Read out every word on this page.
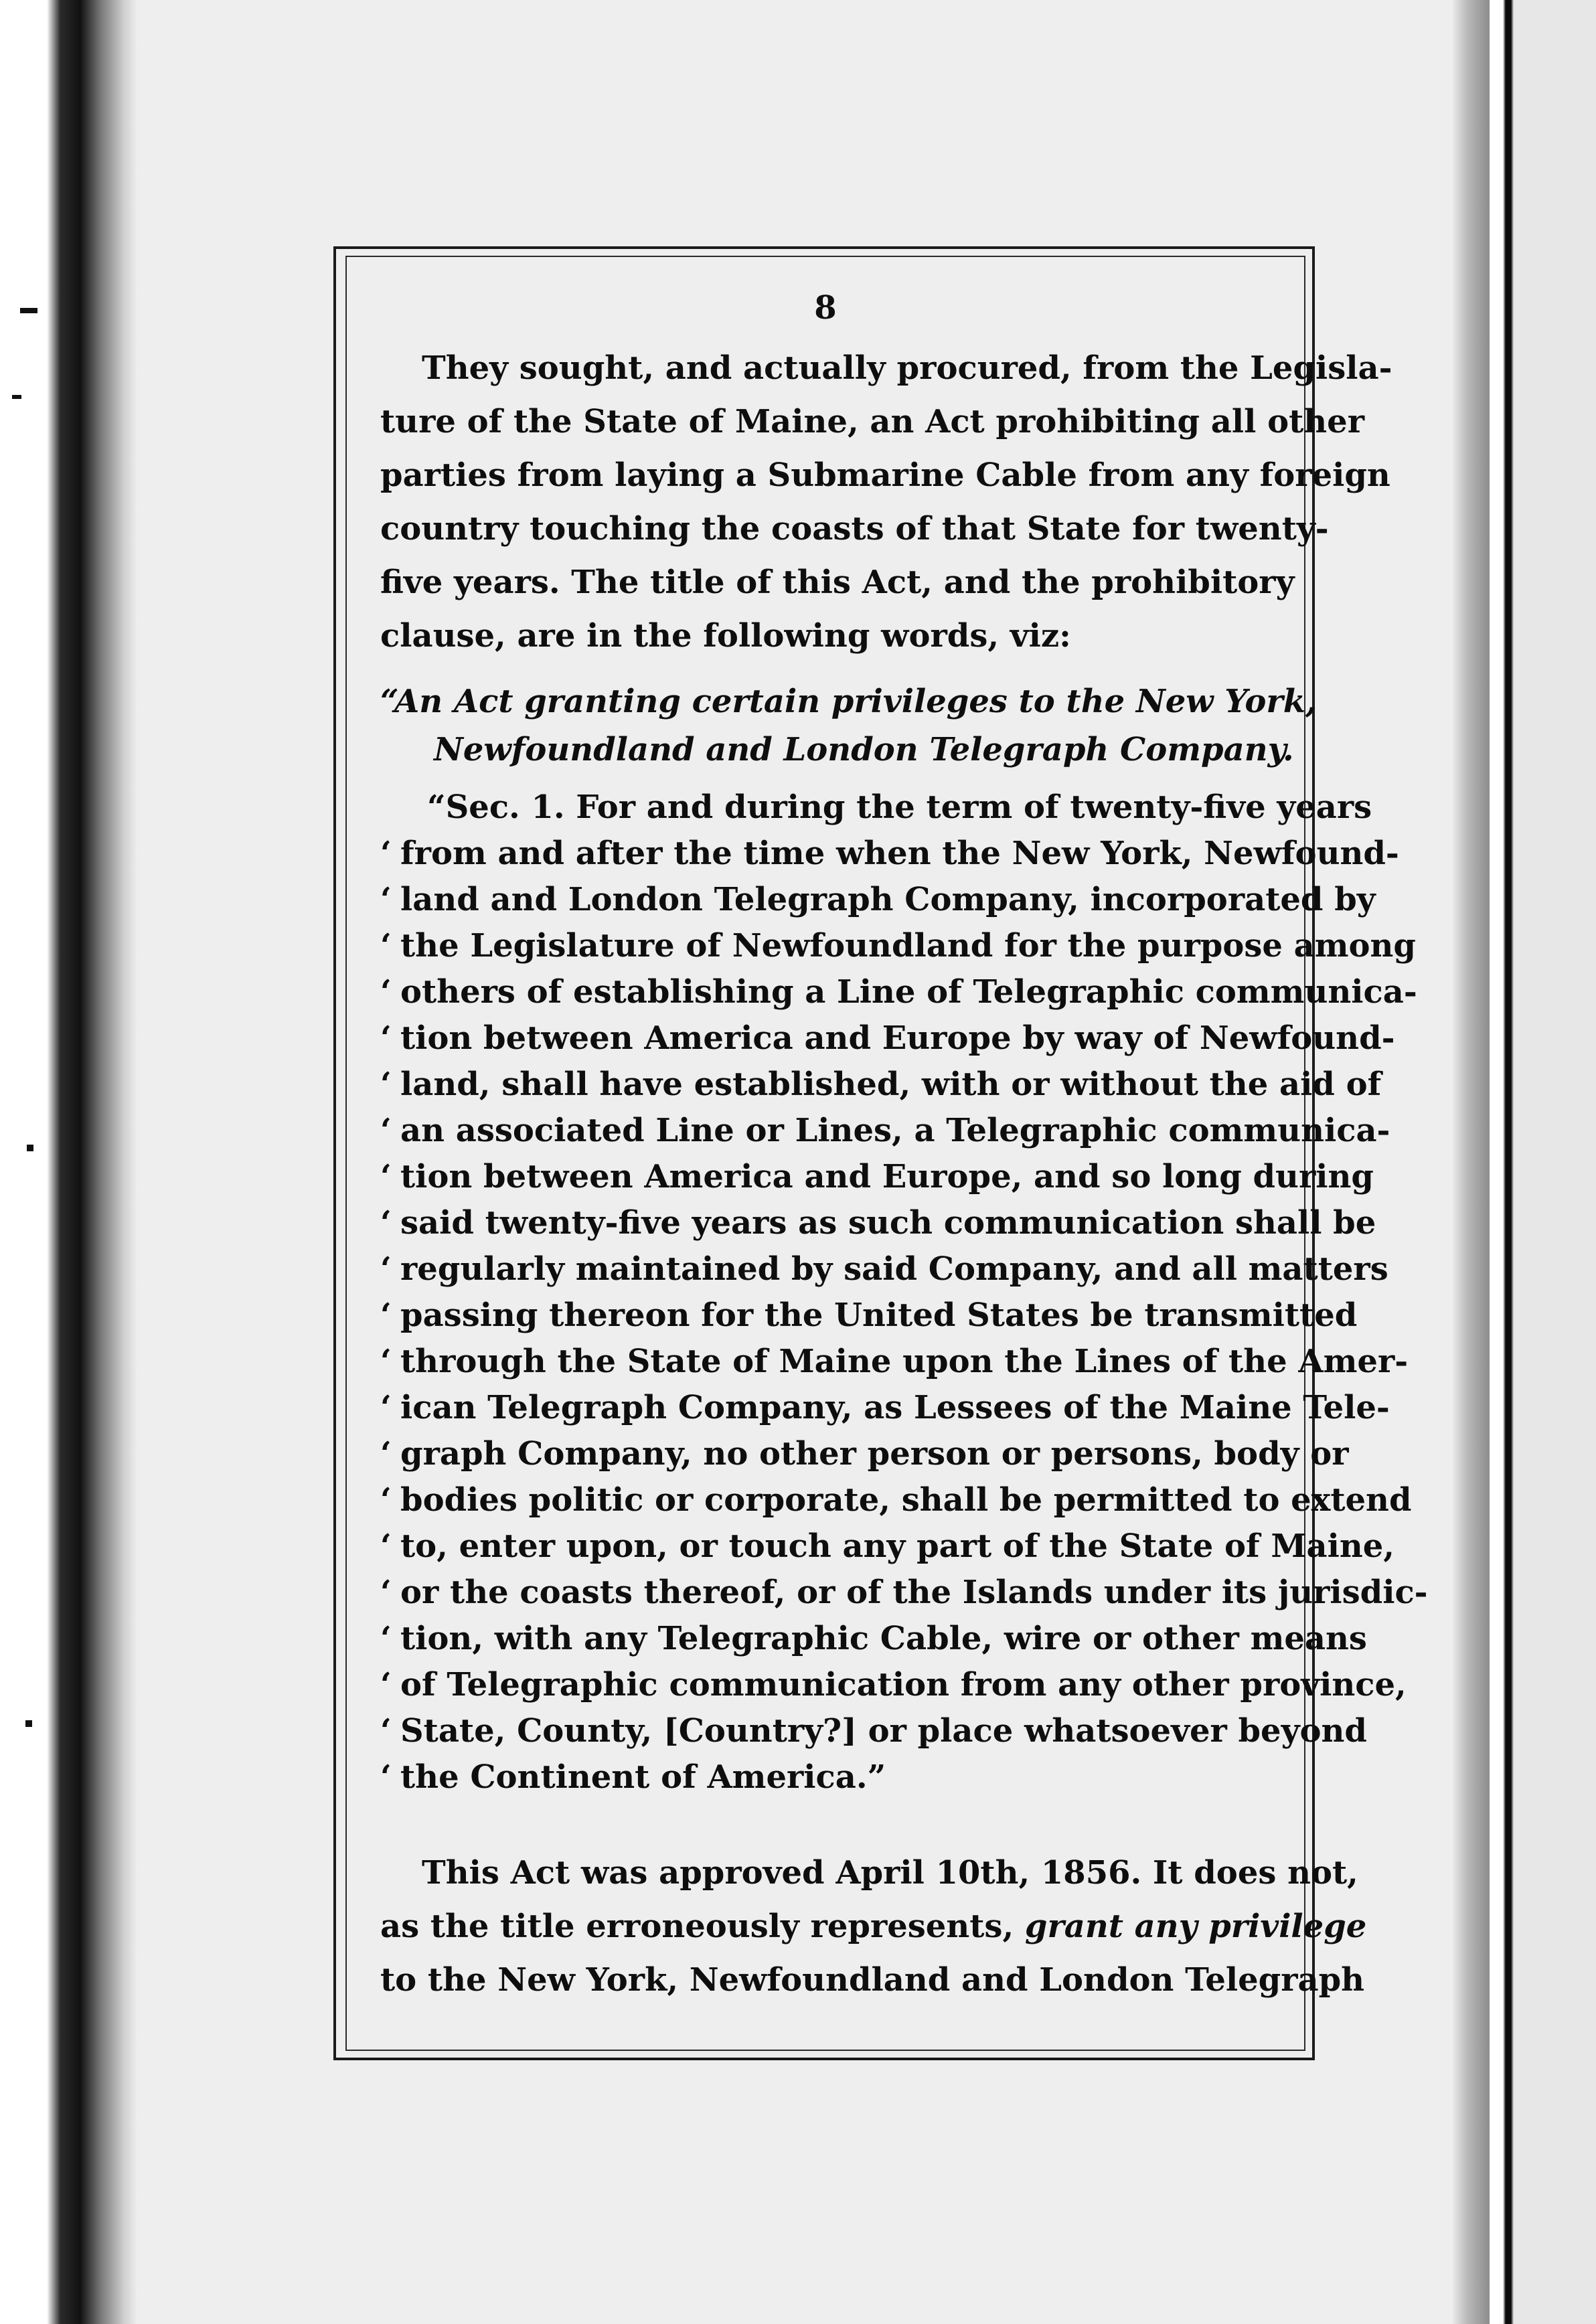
8
They sought, and actually procured, from the Legisla-
ture of the State of Maine, an Act prohibiting all other
parties from laying a Submarine Cable from any foreign
country touching the coasts of that State for twenty-
five years. The title of this Act, and the prohibitory
clause, are in the following words, viz:
“An Act granting certain privileges to the New York,
Newfoundland and London Telegraph Company.
“Sec. 1. For and during the term of twenty-five years
‘ from and after the time when the New York, Newfound-
‘ land and London Telegraph Company, incorporated by
‘ the Legislature of Newfoundland for the purpose among
‘ others of establishing a Line of Telegraphic communica-
‘ tion between America and Europe by way of Newfound-
‘ land, shall have established, with or without the aid of
‘ an associated Line or Lines, a Telegraphic communica-
‘ tion between America and Europe, and so long during
‘ said twenty-five years as such communication shall be
‘ regularly maintained by said Company, and all matters
‘ passing thereon for the United States be transmitted
‘ through the State of Maine upon the Lines of the Amer-
‘ ican Telegraph Company, as Lessees of the Maine Tele-
‘ graph Company, no other person or persons, body or
‘ bodies politic or corporate, shall be permitted to extend
‘ to, enter upon, or touch any part of the State of Maine,
‘ or the coasts thereof, or of the Islands under its jurisdic-
‘ tion, with any Telegraphic Cable, wire or other means
‘ of Telegraphic communication from any other province,
‘ State, County, [Country?] or place whatsoever beyond
‘ the Continent of America.”
This Act was approved April 10th, 1856. It does not,
as the title erroneously represents, grant any privilege
to the New York, Newfoundland and London Telegraph
